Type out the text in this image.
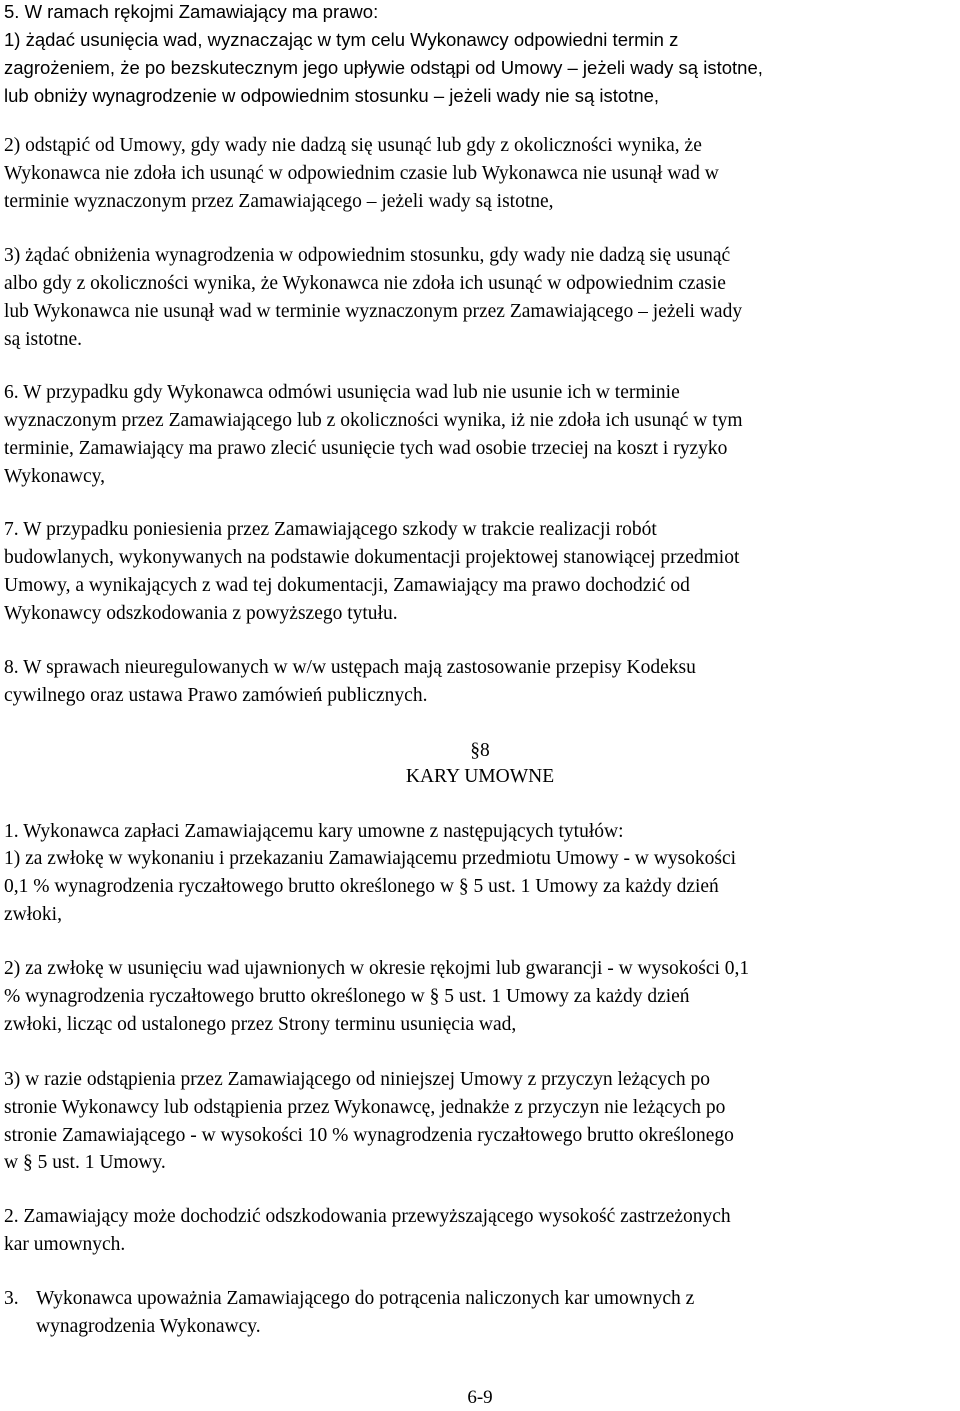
5. W ramach rękojmi Zamawiający ma prawo:
1) żądać usunięcia wad, wyznaczając w tym celu Wykonawcy odpowiedni termin z
zagrożeniem, że po bezskutecznym jego upływie odstąpi od Umowy – jeżeli wady są istotne,
lub obniży wynagrodzenie w odpowiednim stosunku – jeżeli wady nie są istotne,
2) odstąpić od Umowy, gdy wady nie dadzą się usunąć lub gdy z okoliczności wynika, że
Wykonawca nie zdoła ich usunąć w odpowiednim czasie lub Wykonawca nie usunął wad w
terminie wyznaczonym przez Zamawiającego – jeżeli wady są istotne,
3) żądać obniżenia wynagrodzenia w odpowiednim stosunku, gdy wady nie dadzą się usunąć
albo gdy z okoliczności wynika, że Wykonawca nie zdoła ich usunąć w odpowiednim czasie
lub Wykonawca nie usunął wad w terminie wyznaczonym przez Zamawiającego – jeżeli wady
są istotne.
6. W przypadku gdy Wykonawca odmówi usunięcia wad lub nie usunie ich w terminie
wyznaczonym przez Zamawiającego lub z okoliczności wynika, iż nie zdoła ich usunąć w tym
terminie, Zamawiający ma prawo zlecić usunięcie tych wad osobie trzeciej na koszt i ryzyko
Wykonawcy,
7. W przypadku poniesienia przez Zamawiającego szkody w trakcie realizacji robót
budowlanych, wykonywanych na podstawie dokumentacji projektowej stanowiącej przedmiot
Umowy, a wynikających z wad tej dokumentacji, Zamawiający ma prawo dochodzić od
Wykonawcy odszkodowania z powyższego tytułu.
8. W sprawach nieuregulowanych w w/w ustępach mają zastosowanie przepisy Kodeksu
cywilnego oraz ustawa Prawo zamówień publicznych.
§8
KARY UMOWNE
1. Wykonawca zapłaci Zamawiającemu kary umowne z następujących tytułów:
1) za zwłokę w wykonaniu i przekazaniu Zamawiającemu przedmiotu Umowy - w wysokości
0,1 % wynagrodzenia ryczałtowego brutto określonego w § 5 ust. 1 Umowy za każdy dzień
zwłoki,
2) za zwłokę w usunięciu wad ujawnionych w okresie rękojmi lub gwarancji - w wysokości 0,1
% wynagrodzenia ryczałtowego brutto określonego w § 5 ust. 1 Umowy za każdy dzień
zwłoki, licząc od ustalonego przez Strony terminu usunięcia wad,
3) w razie odstąpienia przez Zamawiającego od niniejszej Umowy z przyczyn leżących po
stronie Wykonawcy lub odstąpienia przez Wykonawcę, jednakże z przyczyn nie leżących po
stronie Zamawiającego - w wysokości 10 % wynagrodzenia ryczałtowego brutto określonego
w § 5 ust. 1 Umowy.
2. Zamawiający może dochodzić odszkodowania przewyższającego wysokość zastrzeżonych
kar umownych.
3. Wykonawca upoważnia Zamawiającego do potrącenia naliczonych kar umownych z
wynagrodzenia Wykonawcy.
6-9
